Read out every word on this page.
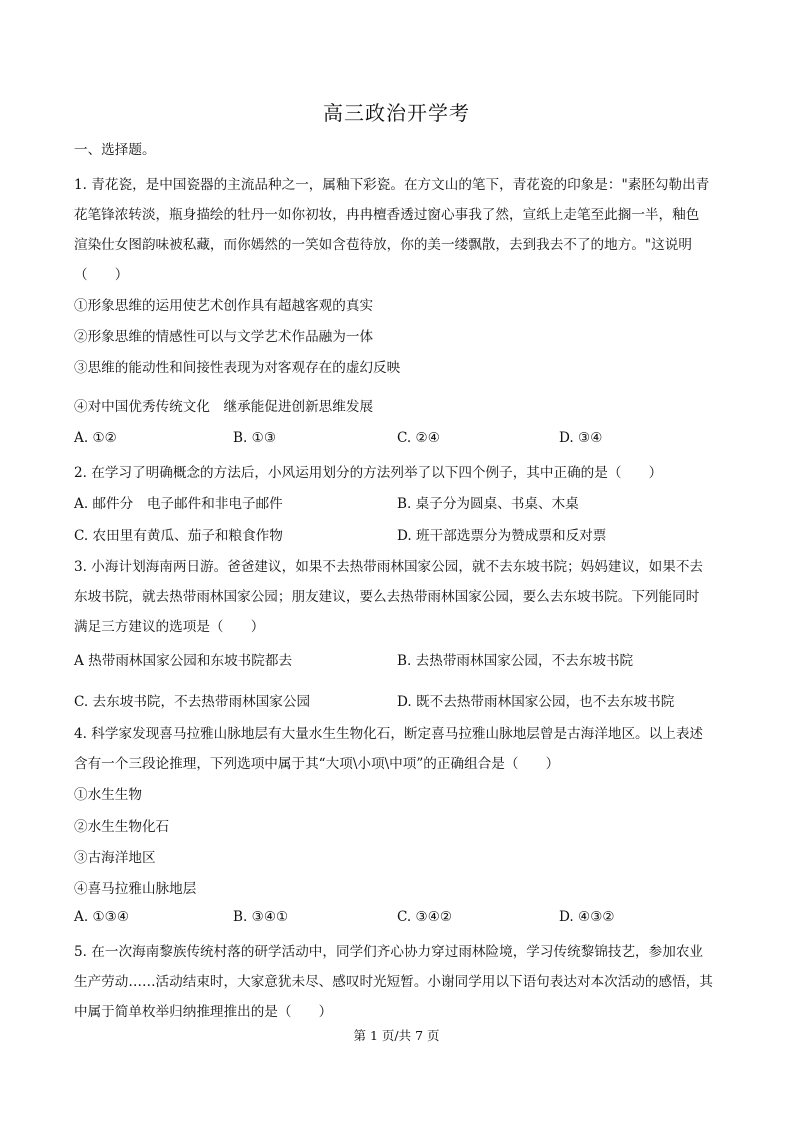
高三政治开学考
一、选择题。
1. 青花瓷，是中国瓷器的主流品种之一，属釉下彩瓷。在方文山的笔下，青花瓷的印象是："素胚勾勒出青
花笔锋浓转淡，瓶身描绘的牡丹一如你初妆，冉冉檀香透过窗心事我了然，宣纸上走笔至此搁一半，釉色
渲染仕女图韵味被私藏，而你嫣然的一笑如含苞待放，你的美一缕飘散，去到我去不了的地方。"这说明
（　　）
①形象思维的运用使艺术创作具有超越客观的真实
②形象思维的情感性可以与文学艺术作品融为一体
③思维的能动性和间接性表现为对客观存在的虚幻反映
④对中国优秀传统文化　继承能促进创新思维发展
A. ①②	B. ①③	C. ②④	D. ③④
2. 在学习了明确概念的方法后，小风运用划分的方法列举了以下四个例子，其中正确的是（　　）
A. 邮件分　电子邮件和非电子邮件	B. 桌子分为圆桌、书桌、木桌
C. 农田里有黄瓜、茄子和粮食作物	D. 班干部选票分为赞成票和反对票
3. 小海计划海南两日游。爸爸建议，如果不去热带雨林国家公园，就不去东坡书院；妈妈建议，如果不去
东坡书院，就去热带雨林国家公园；朋友建议，要么去热带雨林国家公园，要么去东坡书院。下列能同时
满足三方建议的选项是（　　）
A 热带雨林国家公园和东坡书院都去	B. 去热带雨林国家公园，不去东坡书院
C. 去东坡书院，不去热带雨林国家公园	D. 既不去热带雨林国家公园，也不去东坡书院
4. 科学家发现喜马拉雅山脉地层有大量水生生物化石，断定喜马拉雅山脉地层曾是古海洋地区。以上表述
含有一个三段论推理，下列选项中属于其“大项\小项\中项”的正确组合是（　　）
①水生生物
②水生生物化石
③古海洋地区
④喜马拉雅山脉地层
A. ①③④	B. ③④①	C. ③④②	D. ④③②
5. 在一次海南黎族传统村落的研学活动中，同学们齐心协力穿过雨林险境，学习传统黎锦技艺，参加农业
生产劳动……活动结束时，大家意犹未尽、感叹时光短暂。小谢同学用以下语句表达对本次活动的感悟，其
中属于简单枚举归纳推理推出的是（　　）
第 1 页/共 7 页
